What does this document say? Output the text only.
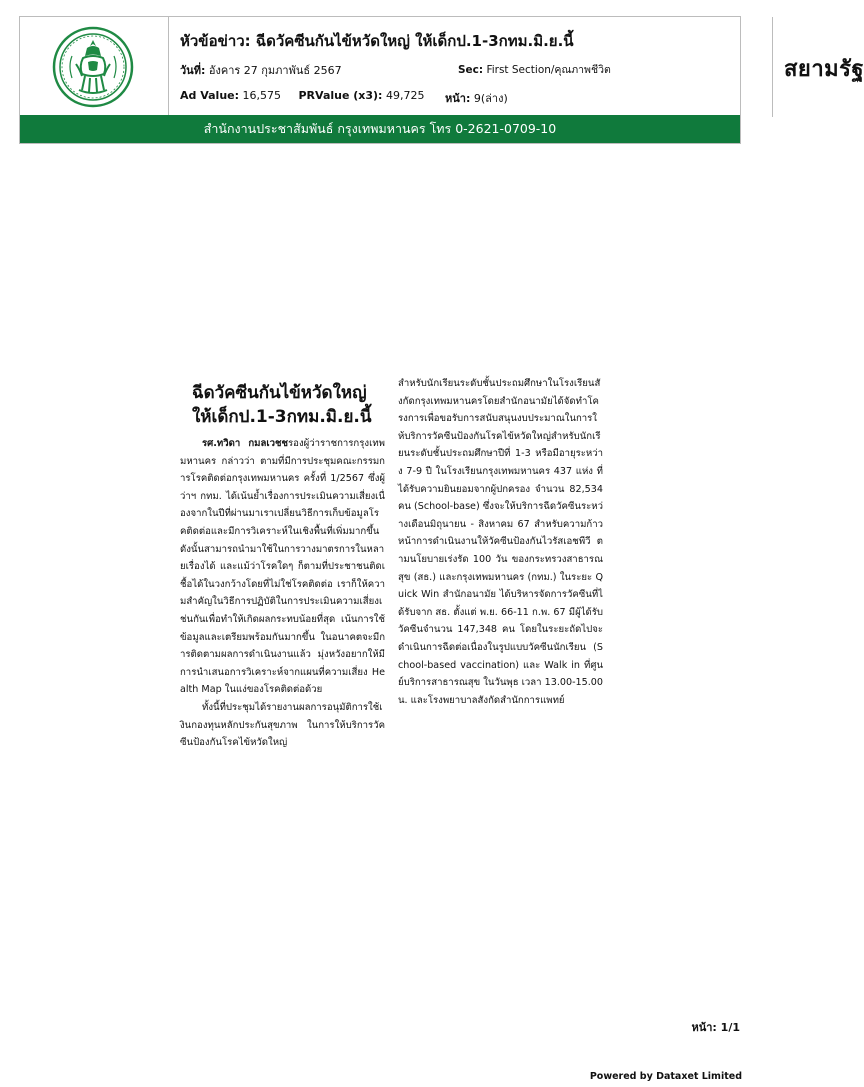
หัวข้อข่าว: ฉีดวัคซีนกันไข้หวัดใหญ่ ให้เด็กป.1-3กทม.มิ.ย.นี้
วันที่: อังคาร 27 กุมภาพันธ์ 2567	Sec: First Section/คุณภาพชีวิต
Ad Value: 16,575 PRValue (x3): 49,725 หน้า: 9(ล่าง)
สยามรัฐ
สำนักงานประชาสัมพันธ์ กรุงเทพมหานคร โทร 0-2621-0709-10
ฉีดวัคซีนกันไข้หวัดใหญ่
ให้เด็กป.1-3กทม.มิ.ย.นี้

รศ.ทวิดา กมลเวชชรองผู้ว่าราชการกรุงเทพมหานคร กล่าวว่า ตามที่มีการประชุมคณะกรรมการโรคติดต่อกรุงเทพมหานคร ครั้งที่ 1/2567 ซึ่งผู้ว่าฯ กทม. ได้เน้นย้ำเรื่องการประเมินความเสี่ยงเนื่องจากในปีที่ผ่านมาเราเปลี่ยนวิธีการเก็บข้อมูลโรคติดต่อและมีการวิเคราะห์ในเชิงพื้นที่เพิ่มมากขึ้น ดังนั้นสามารถนำมาใช้ในการวางมาตรการในหลายเรื่องได้ และแม้ว่าโรคใดๆ ก็ตามที่ประชาชนติดเชื้อได้ในวงกว้างโดยที่ไม่ใช่โรคติดต่อ เราก็ให้ความสำคัญในวิธีการปฏิบัติในการประเมินความเสี่ยงเช่นกันเพื่อทำให้เกิดผลกระทบน้อยที่สุด เน้นการใช้ข้อมูลและเตรียมพร้อมกันมากขึ้น ในอนาคตจะมีการติดตามผลการดำเนินงานแล้ว มุ่งหวังอยากให้มีการนำเสนอการวิเคราะห์จากแผนที่ความเสี่ยง Health Map ในแง่ของโรคติดต่อด้วย

ทั้งนี้ที่ประชุมได้รายงานผลการอนุมัติการใช้เงินกองทุนหลักประกันสุขภาพ ในการให้บริการวัคซีนป้องกันโรคไข้หวัดใหญ่

สำหรับนักเรียนระดับชั้นประถมศึกษาในโรงเรียนสังกัดกรุงเทพมหานครโดยสำนักอนามัยได้จัดทำโครงการเพื่อขอรับการสนับสนุนงบประมาณในการให้บริการวัคซีนป้องกันโรคไข้หวัดใหญ่สำหรับนักเรียนระดับชั้นประถมศึกษาปีที่ 1-3 หรือมีอายุระหว่าง 7-9 ปี ในโรงเรียนกรุงเทพมหานคร 437 แห่ง ที่ได้รับความยินยอมจากผู้ปกครอง จำนวน 82,534 คน (School-base) ซึ่งจะให้บริการฉีดวัคซีนระหว่างเดือนมิถุนายน - สิงหาคม 67 สำหรับความก้าวหน้าการดำเนินงานให้วัคซีนป้องกันไวรัสเอชพีวี ตามนโยบายเร่งรัด 100 วัน ของกระทรวงสาธารณสุข (สธ.) และกรุงเทพมหานคร (กทม.) ในระยะ Quick Win สำนักอนามัย ได้บริหารจัดการวัคซีนที่ได้รับจาก สธ. ตั้งแต่ พ.ย. 66-11 ก.พ. 67 มีผู้ได้รับวัคซีนจำนวน 147,348 คน โดยในระยะถัดไปจะดำเนินการฉีดต่อเนื่องในรูปแบบวัคซีนนักเรียน (School-based vaccination) และ Walk in ที่ศูนย์บริการสาธารณสุข ในวันพุธ เวลา 13.00-15.00 น. และโรงพยาบาลสังกัดสำนักการแพทย์

หน้า: 1/1
Powered by Dataxet Limited
